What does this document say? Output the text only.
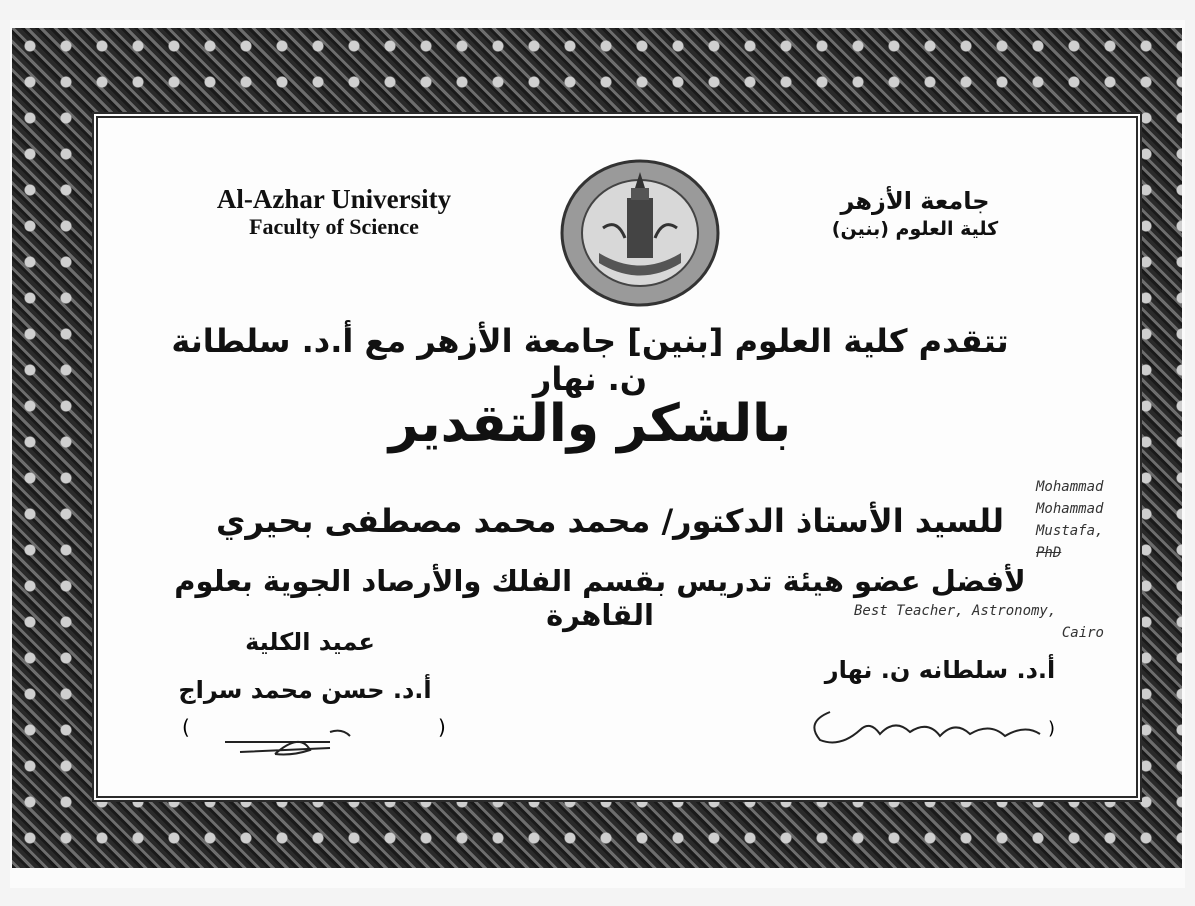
Al-Azhar University
Faculty of Science
جامعة الأزهر
كلية العلوم (بنين)
تتقدم كلية العلوم [بنين] جامعة الأزهر مع أ.د. سلطانة ن. نهار
بالشكر والتقدير
للسيد الأستاذ الدكتور/ محمد محمد مصطفى بحيري
لأفضل عضو هيئة تدريس بقسم الفلك والأرصاد الجوية بعلوم القاهرة
Mohammad
Mohammad
Mustafa,
PhD
Best Teacher, Astronomy,
Cairo
عميد الكلية
أ.د. حسن محمد سراج
(	)
أ.د. سلطانه ن. نهار
)
